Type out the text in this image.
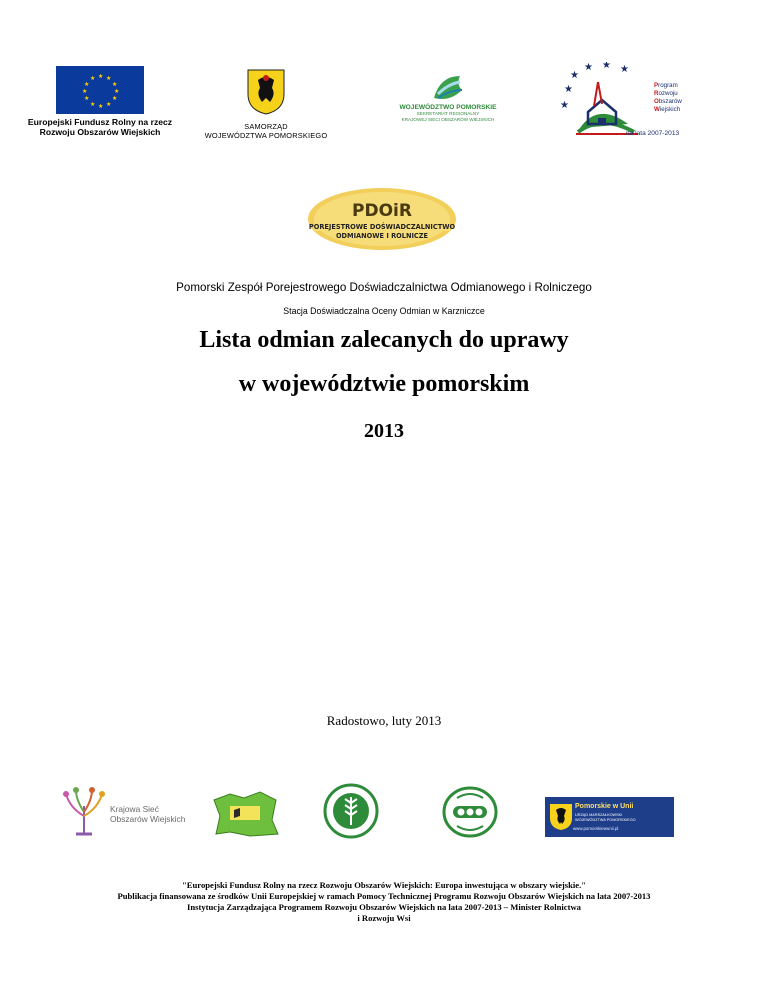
★ ★
★
★
★
★
★
★
★
★
★
★
Europejski Fundusz Rolny na rzecz
Rozwoju Obszarów Wiejskich
SAMORZĄD
WOJEWÓDZTWA POMORSKIEGO
WOJEWÓDZTWO POMORSKIE
SEKRETARIAT REGIONALNY
KRAJOWEJ SIECI OBSZARÓW WIEJSKICH
★
★
★ ★ ★
★
Program
Rozwoju
Obszarów
Wiejskich
na lata 2007-2013
PDOiR
POREJESTROWE DOŚWIADCZALNICTWO
ODMIANOWE I ROLNICZE
Pomorski Zespół Porejestrowego Doświadczalnictwa Odmianowego i Rolniczego
Stacja Doświadczalna Oceny Odmian w Karzniczce
Lista odmian zalecanych do uprawy
w województwie pomorskim
2013
Radostowo, luty 2013
Krajowa Sieć
Obszarów Wiejskich
Pomorskie w Unii
URZĄD MARSZAŁKOWSKI
WOJEWÓDZTWA POMORSKIEGO
www.pomorskiewunii.pl
"Europejski Fundusz Rolny na rzecz Rozwoju Obszarów Wiejskich: Europa inwestująca w obszary wiejskie."
Publikacja finansowana ze środków Unii Europejskiej w ramach Pomocy Technicznej Programu Rozwoju Obszarów Wiejskich na lata 2007-2013
Instytucja Zarządzająca Programem Rozwoju Obszarów Wiejskich na lata 2007-2013 – Minister Rolnictwa
i Rozwoju Wsi
